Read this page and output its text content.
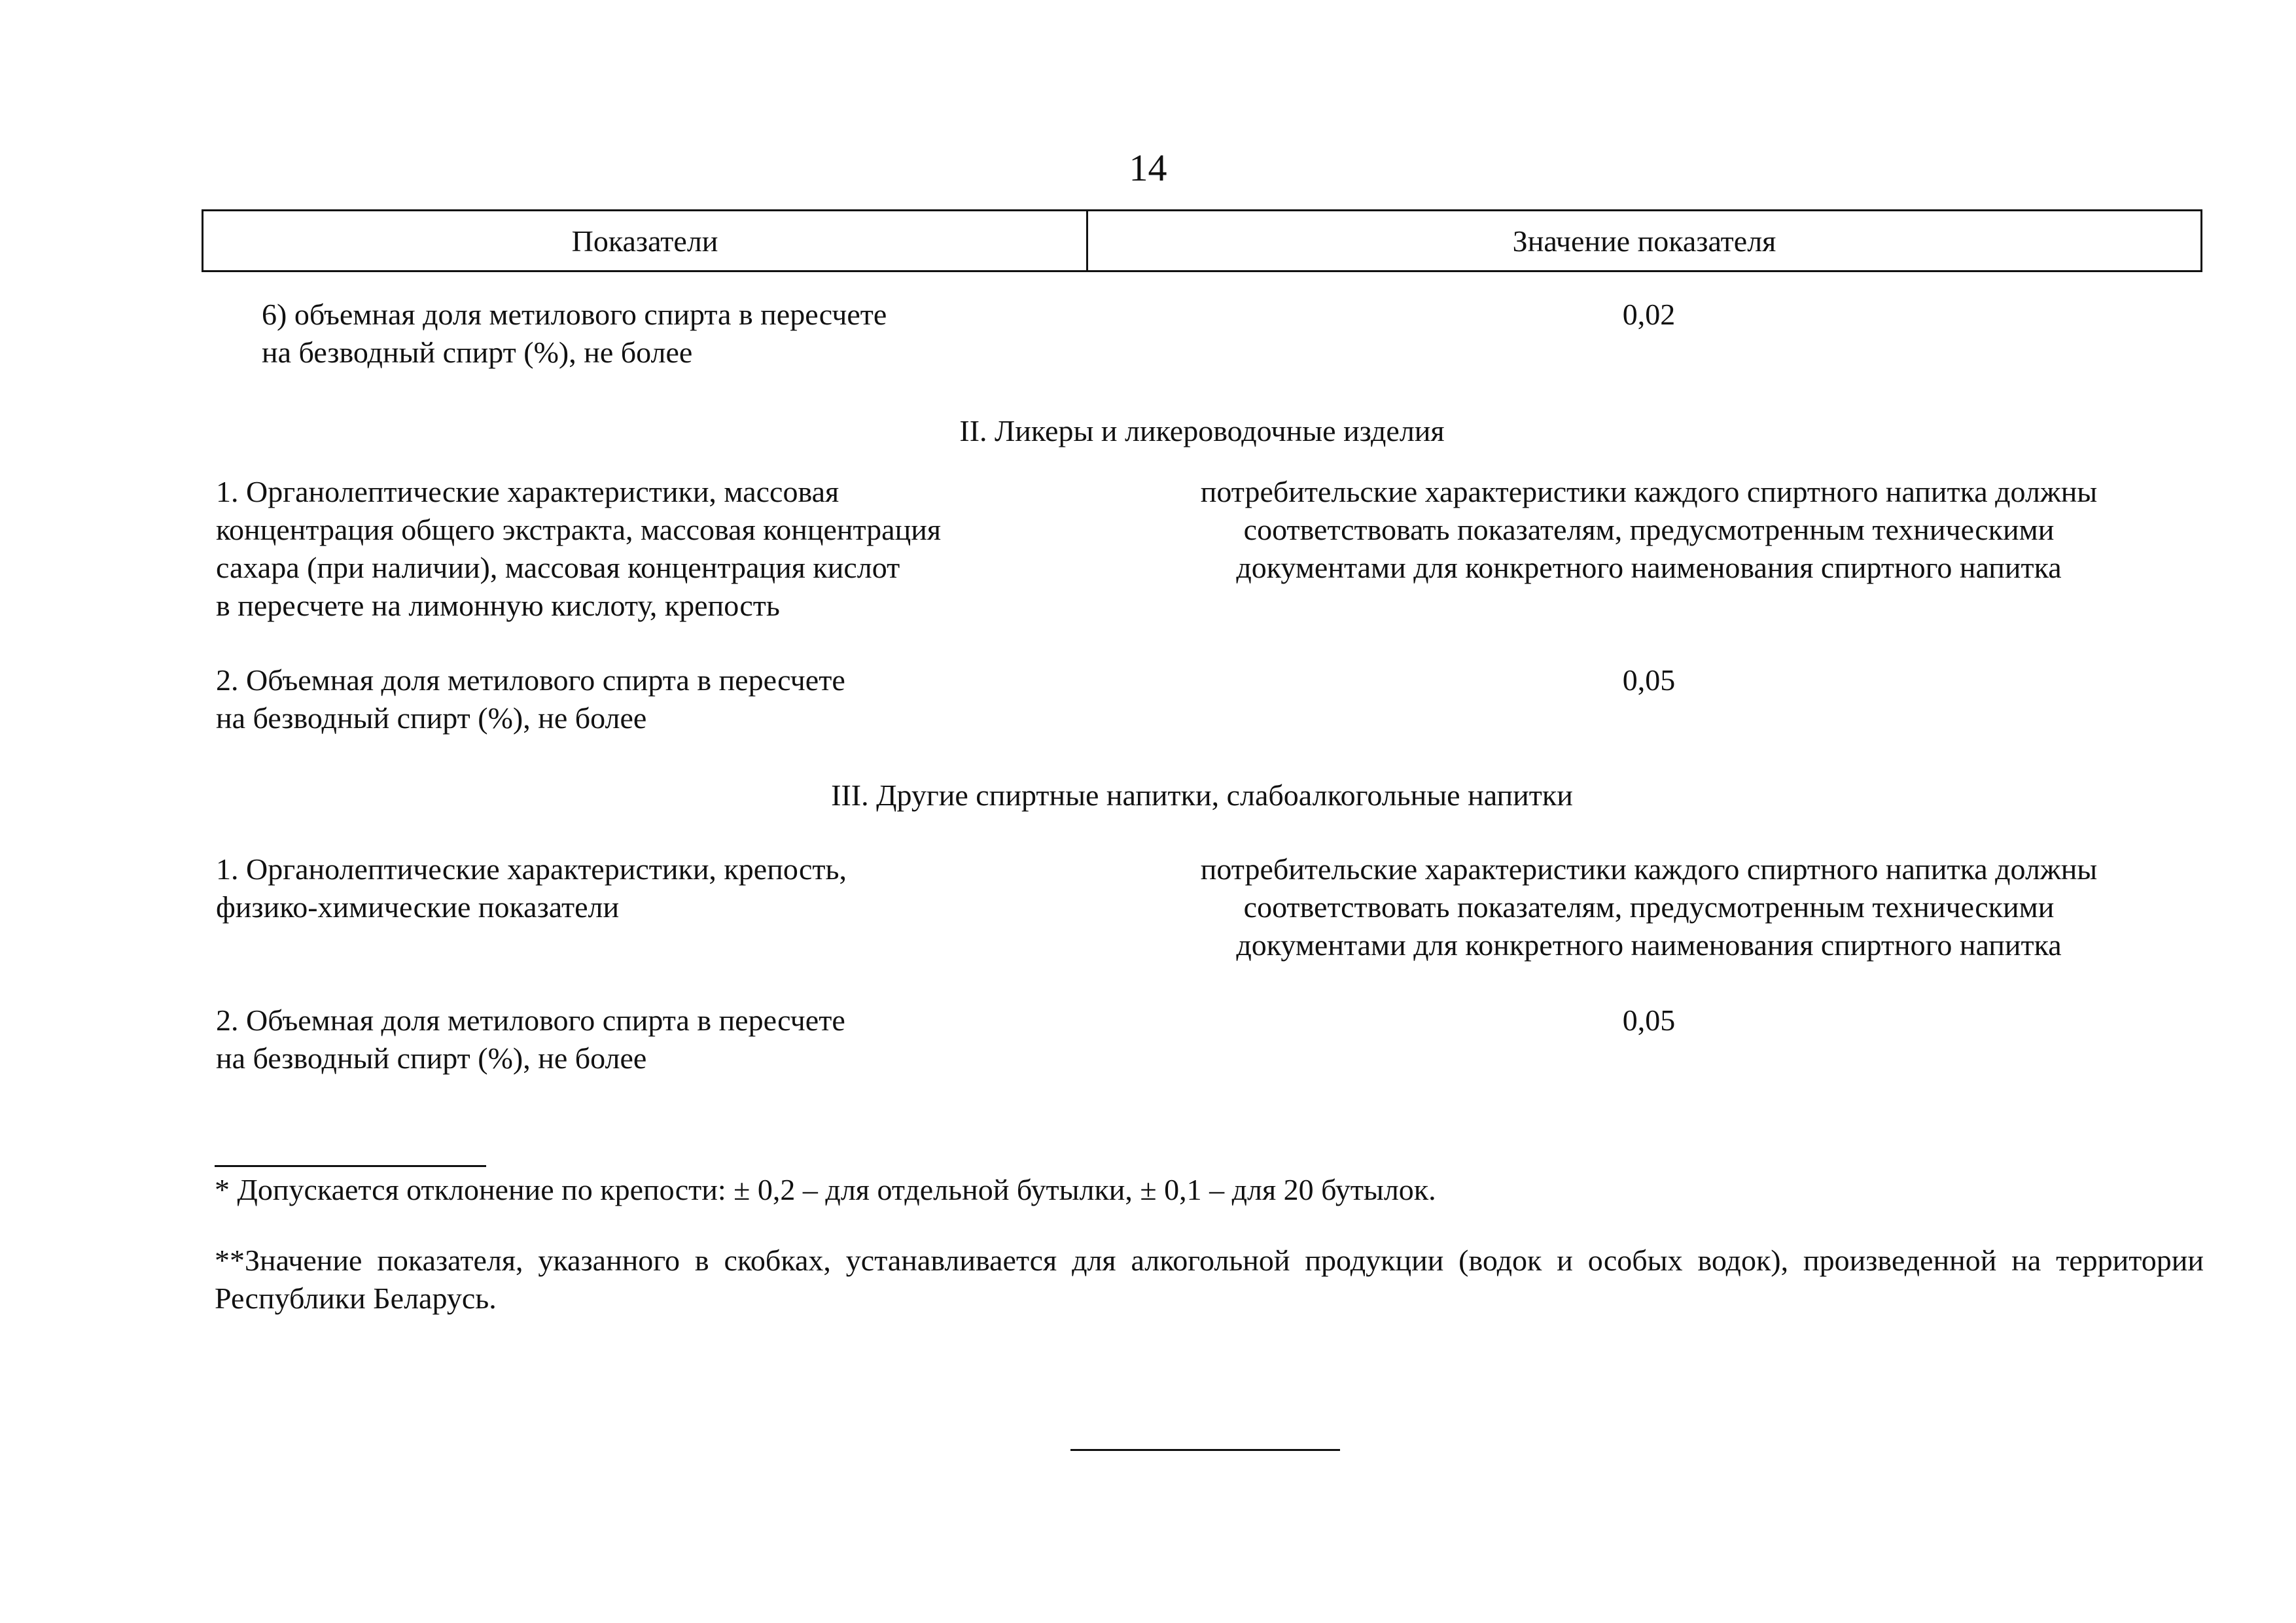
14
Показатели	Значение показателя
6) объемная доля метилового спирта в пересчете
на безводный спирт (%), не более
0,02
II. Ликеры и ликероводочные изделия
1. Органолептические характеристики, массовая
концентрация общего экстракта, массовая концентрация
сахара (при наличии), массовая концентрация кислот
в пересчете на лимонную кислоту, крепость
потребительские характеристики каждого спиртного напитка должны
соответствовать показателям, предусмотренным техническими
документами для конкретного наименования спиртного напитка
2. Объемная доля метилового спирта в пересчете
на безводный спирт (%), не более
0,05
III. Другие спиртные напитки, слабоалкогольные напитки
1. Органолептические характеристики, крепость,
физико-химические показатели
потребительские характеристики каждого спиртного напитка должны
соответствовать показателям, предусмотренным техническими
документами для конкретного наименования спиртного напитка
2. Объемная доля метилового спирта в пересчете
на безводный спирт (%), не более
0,05
* Допускается отклонение по крепости: ± 0,2 – для отдельной бутылки, ± 0,1 – для 20 бутылок.
**Значение показателя, указанного в скобках, устанавливается для алкогольной продукции (водок и особых водок), произведенной на территории Республики Беларусь.
